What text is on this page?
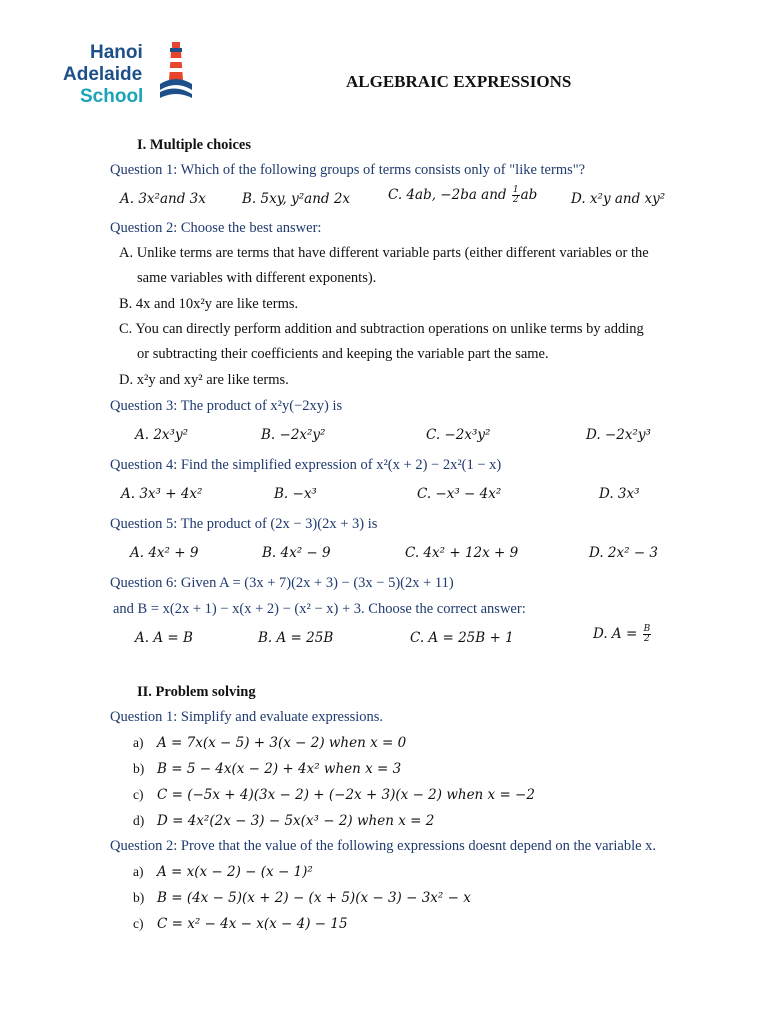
Hanoi
Adelaide
School
ALGEBRAIC EXPRESSIONS
I. Multiple choices
Question 1: Which of the following groups of terms consists only of "like terms"?
A. 3x²and 3x	B. 5xy, y²and 2x	C. 4ab, −2ba and $\frac{1}{2}$ ab D. x²y and xy²
Question 2: Choose the best answer:
A. Unlike terms are terms that have different variable parts (either different variables or the
same variables with different exponents).
B. 4x and 10x²y are like terms.
C. You can directly perform addition and subtraction operations on unlike terms by adding
or subtracting their coefficients and keeping the variable part the same.
D. x²y and xy² are like terms.
Question 3: The product of x²y(−2xy) is
A. 2x³y²	B. −2x²y²	C. −2x³y²	D. −2x²y³
Question 4: Find the simplified expression of x²(x + 2) − 2x²(1 − x)
A. 3x³ + 4x²	B. −x³	C. −x³ − 4x²	D. 3x³
Question 5: The product of (2x − 3)(2x + 3) is
A. 4x² + 9	B. 4x² − 9	C. 4x² + 12x + 9	D. 2x² − 3
Question 6: Given A = (3x + 7)(2x + 3) − (3x − 5)(2x + 11)
and B = x(2x + 1) − x(x + 2) − (x² − x) + 3. Choose the correct answer:
A. A = B	B. A = 25B	C. A = 25B + 1	D. $A = \frac{B}{2}$
II. Problem solving
Question 1: Simplify and evaluate expressions.
a) A = 7x(x − 5) + 3(x − 2) when x = 0
b) B = 5 − 4x(x − 2) + 4x² when x = 3
c) C = (−5x + 4)(3x − 2) + (−2x + 3)(x − 2) when x = −2
d) D = 4x²(2x − 3) − 5x(x³ − 2) when x = 2
Question 2: Prove that the value of the following expressions doesnt depend on the variable x.
a) A = x(x − 2) − (x − 1)²
b) B = (4x − 5)(x + 2) − (x + 5)(x − 3) − 3x² − x
c) C = x² − 4x − x(x − 4) − 15
